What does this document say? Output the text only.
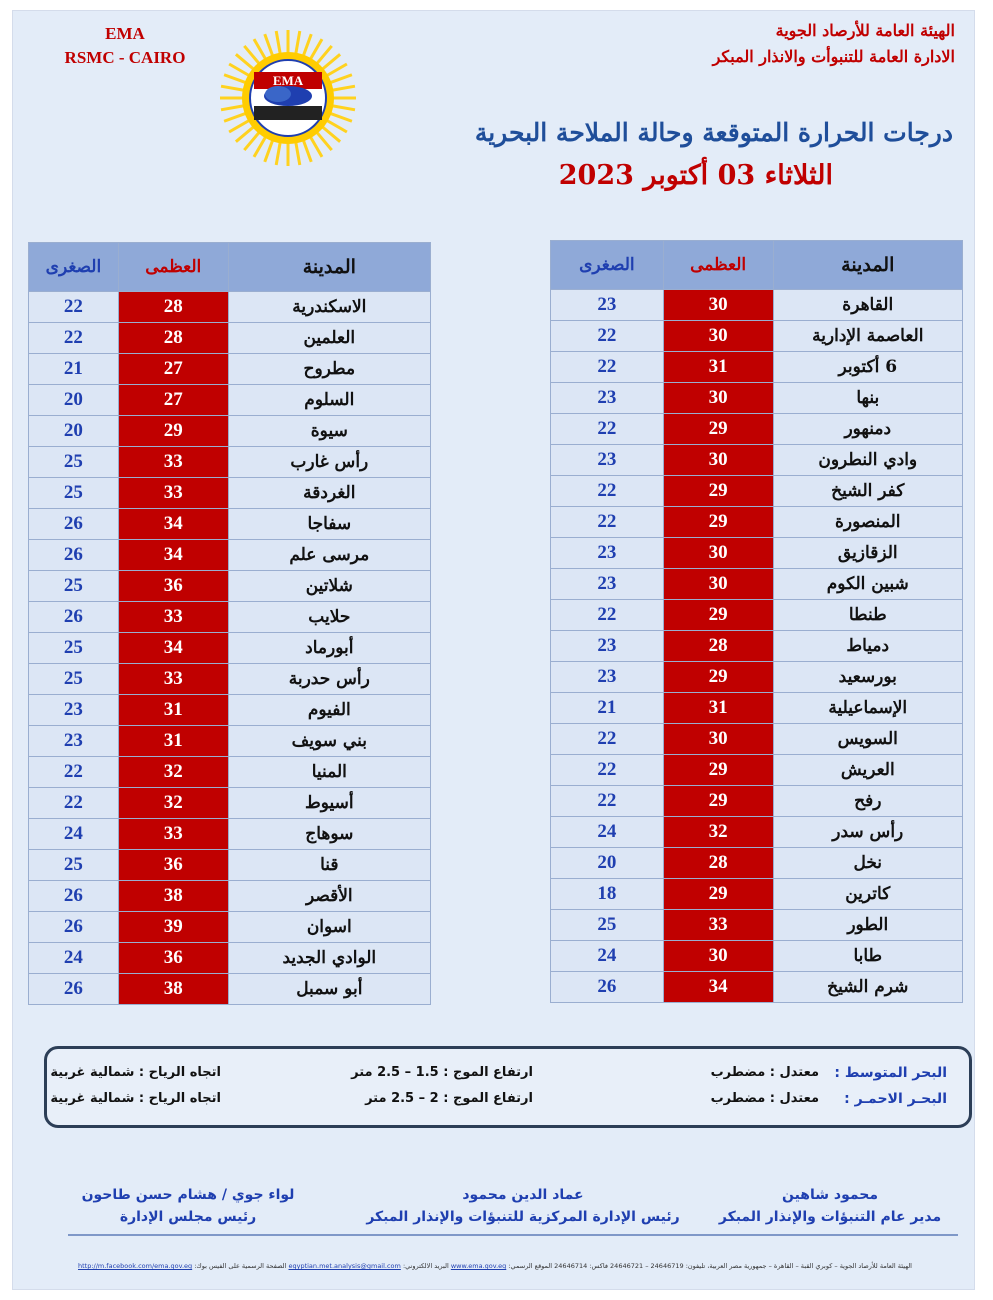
الهيئة العامة للأرصاد الجوية
الادارة العامة للتنبوأت والانذار المبكر
EMA
RSMC - CAIRO
EMA
درجات الحرارة المتوقعة وحالة الملاحة البحرية
الثلاثاء 03 أكتوبر 2023
المدينة	العظمى	الصغرى
القاهرة	30	23
العاصمة الإدارية	30	22
6 أكتوبر	31	22
بنها	30	23
دمنهور	29	22
وادي النطرون	30	23
كفر الشيخ	29	22
المنصورة	29	22
الزقازيق	30	23
شبين الكوم	30	23
طنطا	29	22
دمياط	28	23
بورسعيد	29	23
الإسماعيلية	31	21
السويس	30	22
العريش	29	22
رفح	29	22
رأس سدر	32	24
نخل	28	20
كاترين	29	18
الطور	33	25
طابا	30	24
شرم الشيخ	34	26
المدينة	العظمى	الصغرى
الاسكندرية	28	22
العلمين	28	22
مطروح	27	21
السلوم	27	20
سيوة	29	20
رأس غارب	33	25
الغردقة	33	25
سفاجا	34	26
مرسى علم	34	26
شلاتين	36	25
حلايب	33	26
أبورماد	34	25
رأس حدربة	33	25
الفيوم	31	23
بني سويف	31	23
المنيا	32	22
أسيوط	32	22
سوهاج	33	24
قنا	36	25
الأقصر	38	26
اسوان	39	26
الوادي الجديد	36	24
أبو سمبل	38	26
البحر المتوسط :
معتدل : مضطرب
ارتفاع الموج : 1.5 – 2.5 متر
اتجاه الرياح : شمالية غربية
البحـر الاحمـر :
معتدل : مضطرب
ارتفاع الموج : 2 – 2.5 متر
اتجاه الرياح : شمالية غربية
محمود شاهين
مدير عام التنبؤات والإنذار المبكر
عماد الدين محمود
رئيس الإدارة المركزية للتنبؤات والإنذار المبكر
لواء جوي / هشام حسن طاحون
رئيس مجلس الإدارة
الهيئة العامة للأرصاد الجوية – كوبري القبة – القاهرة – جمهورية مصر العربية، تليفون: 24646719 – 24646721 فاكس: 24646714 الموقع الرسمي: www.ema.gov.eg البريد الالكتروني: egyptian.met.analysis@gmail.com الصفحة الرسمية على الفيس بوك: http://m.facebook.com/ema.gov.eg
